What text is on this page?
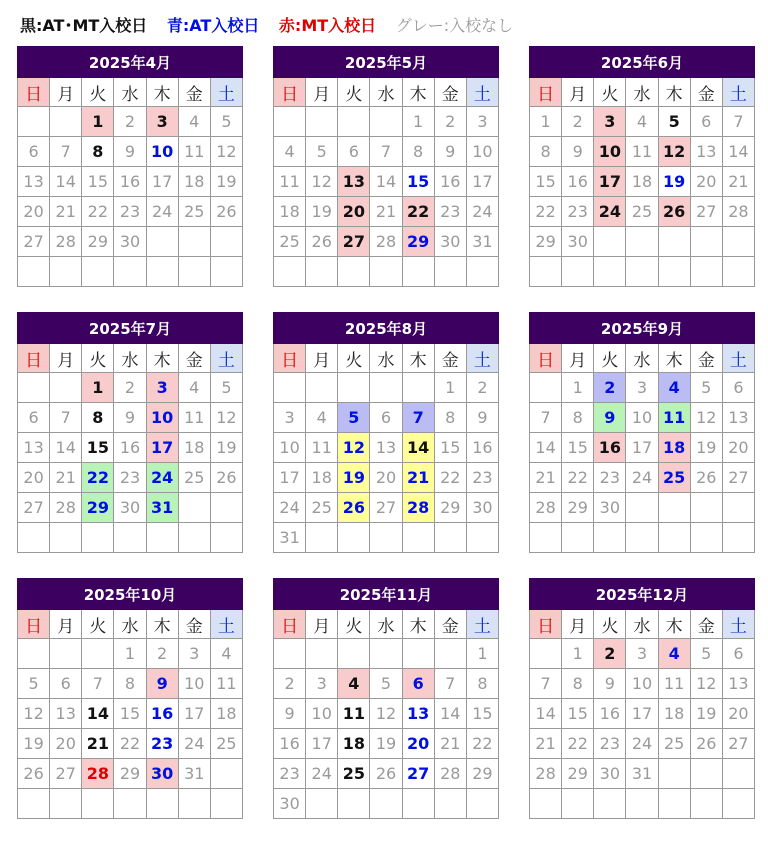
黒:AT･MT入校日 青:AT入校日 赤:MT入校日 グレー:入校なし
2025年4月						
日	月	火	水	木	金	土
		1	2	3	4	5
6	7	8	9	10	11	12
13	14	15	16	17	18	19
20	21	22	23	24	25	26
27	28	29	30			

2025年5月						
日	月	火	水	木	金	土
				1	2	3
4	5	6	7	8	9	10
11	12	13	14	15	16	17
18	19	20	21	22	23	24
25	26	27	28	29	30	31

2025年6月						
日	月	火	水	木	金	土
1	2	3	4	5	6	7
8	9	10	11	12	13	14
15	16	17	18	19	20	21
22	23	24	25	26	27	28
29	30					

2025年7月						
日	月	火	水	木	金	土
		1	2	3	4	5
6	7	8	9	10	11	12
13	14	15	16	17	18	19
20	21	22	23	24	25	26
27	28	29	30	31		

2025年8月						
日	月	火	水	木	金	土
					1	2
3	4	5	6	7	8	9
10	11	12	13	14	15	16
17	18	19	20	21	22	23
24	25	26	27	28	29	30
31						
2025年9月						
日	月	火	水	木	金	土
	1	2	3	4	5	6
7	8	9	10	11	12	13
14	15	16	17	18	19	20
21	22	23	24	25	26	27
28	29	30				

2025年10月						
日	月	火	水	木	金	土
			1	2	3	4
5	6	7	8	9	10	11
12	13	14	15	16	17	18
19	20	21	22	23	24	25
26	27	28	29	30	31	

2025年11月						
日	月	火	水	木	金	土
						1
2	3	4	5	6	7	8
9	10	11	12	13	14	15
16	17	18	19	20	21	22
23	24	25	26	27	28	29
30						
2025年12月						
日	月	火	水	木	金	土
	1	2	3	4	5	6
7	8	9	10	11	12	13
14	15	16	17	18	19	20
21	22	23	24	25	26	27
28	29	30	31			
